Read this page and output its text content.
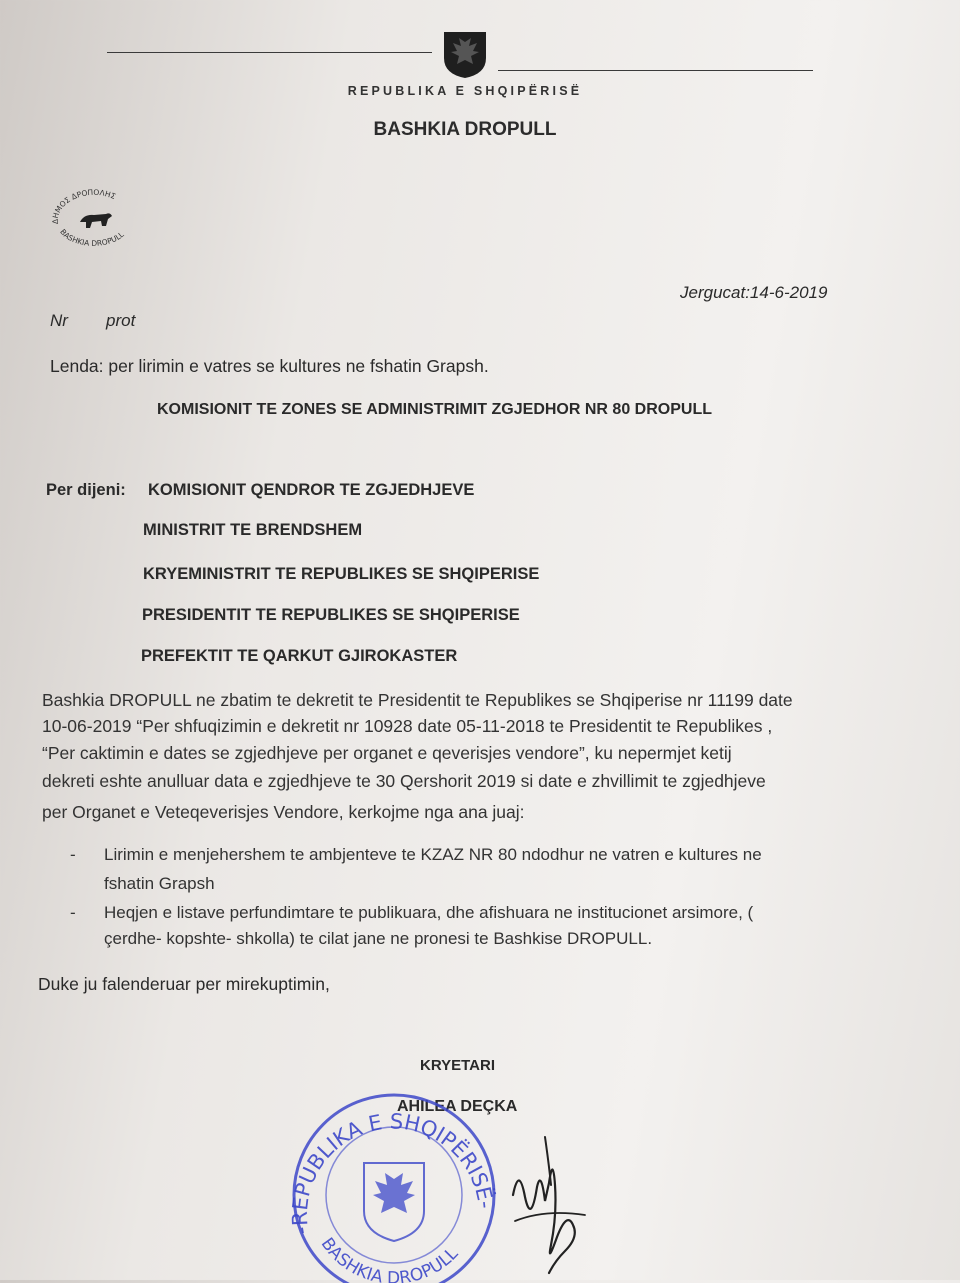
REPUBLIKA E SHQIPËRISË
BASHKIA DROPULL
ΔΗΜΟΣ ΔΡΟΠΟΛΗΣ
BASHKIA DROPULL
Jergucat:14-6-2019
Nr prot
Lenda: per lirimin e vatres se kultures ne fshatin Grapsh.
KOMISIONIT TE ZONES SE ADMINISTRIMIT ZGJEDHOR NR 80 DROPULL
Per dijeni: KOMISIONIT QENDROR TE ZGJEDHJEVE
MINISTRIT TE BRENDSHEM
KRYEMINISTRIT TE REPUBLIKES SE SHQIPERISE
PRESIDENTIT TE REPUBLIKES SE SHQIPERISE
PREFEKTIT TE QARKUT GJIROKASTER
Bashkia DROPULL ne zbatim te dekretit te Presidentit te Republikes se Shqiperise nr 11199 date
10-06-2019 “Per shfuqizimin e dekretit nr 10928 date 05-11-2018 te Presidentit te Republikes ,
“Per caktimin e dates se zgjedhjeve per organet e qeverisjes vendore”, ku nepermjet ketij
dekreti eshte anulluar data e zgjedhjeve te 30 Qershorit 2019 si date e zhvillimit te zgjedhjeve
per Organet e Veteqeverisjes Vendore, kerkojme nga ana juaj:
- Lirimin e menjehershem te ambjenteve te KZAZ NR 80 ndodhur ne vatren e kultures ne
fshatin Grapsh
- Heqjen e listave perfundimtare te publikuara, dhe afishuara ne institucionet arsimore, (
çerdhe- kopshte- shkolla) te cilat jane ne pronesi te Bashkise DROPULL.
Duke ju falenderuar per mirekuptimin,
KRYETARI
AHILEA DEÇKA
-REPUBLIKA E SHQIPËRISË-
BASHKIA DROPULL
